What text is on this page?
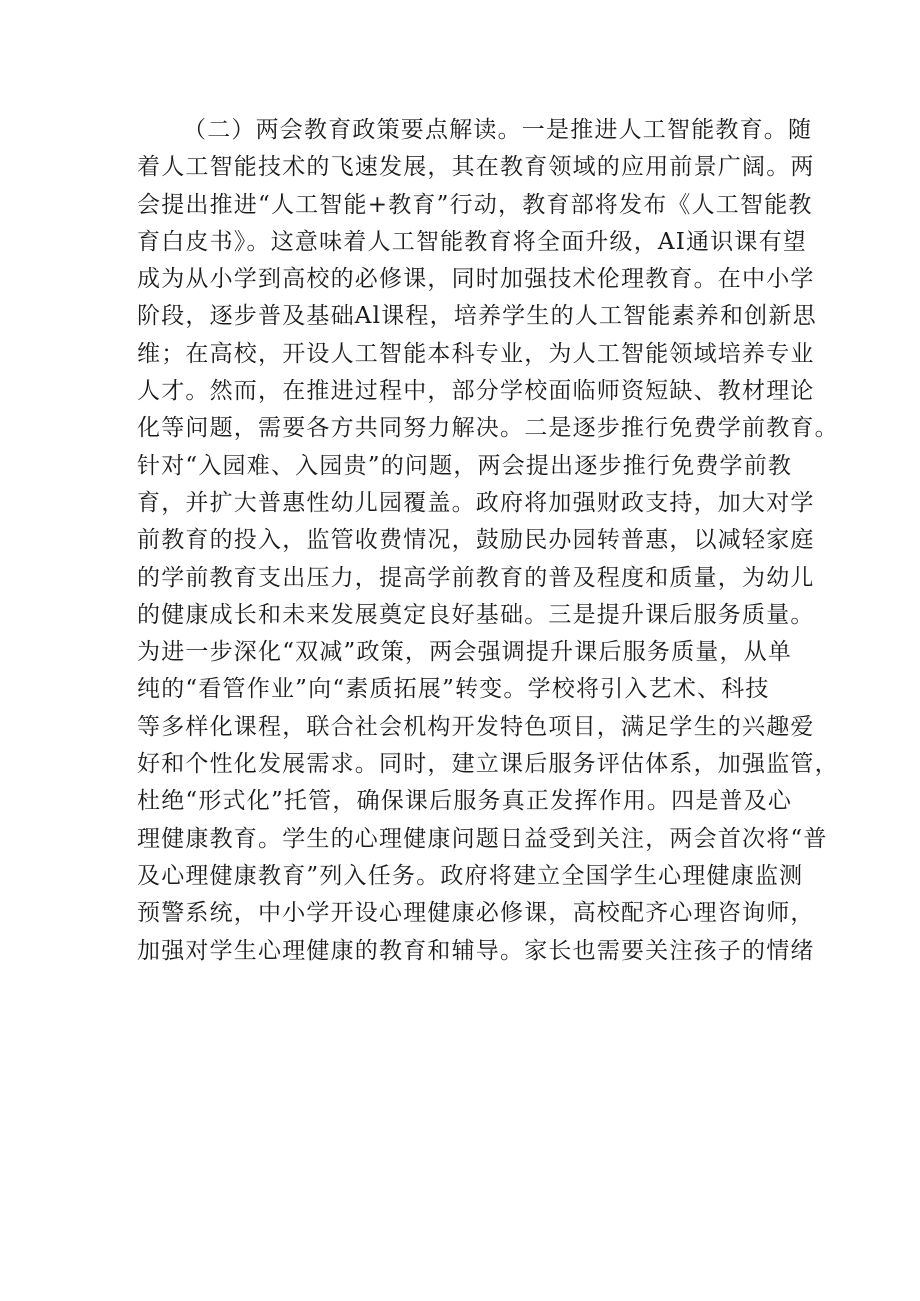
（二）两会教育政策要点解读。一是推进人工智能教育。随
着人工智能技术的飞速发展，其在教育领域的应用前景广阔。两
会提出推进“人工智能+教育”行动，教育部将发布《人工智能教
育白皮书》。这意味着人工智能教育将全面升级，AI通识课有望
成为从小学到高校的必修课，同时加强技术伦理教育。在中小学
阶段，逐步普及基础Al课程，培养学生的人工智能素养和创新思
维；在高校，开设人工智能本科专业，为人工智能领域培养专业
人才。然而，在推进过程中，部分学校面临师资短缺、教材理论
化等问题，需要各方共同努力解决。二是逐步推行免费学前教育。
针对“入园难、入园贵”的问题，两会提出逐步推行免费学前教
育，并扩大普惠性幼儿园覆盖。政府将加强财政支持，加大对学
前教育的投入，监管收费情况，鼓励民办园转普惠，以减轻家庭
的学前教育支出压力，提高学前教育的普及程度和质量，为幼儿
的健康成长和未来发展奠定良好基础。三是提升课后服务质量。
为进一步深化“双减”政策，两会强调提升课后服务质量，从单
纯的“看管作业”向“素质拓展”转变。学校将引入艺术、科技
等多样化课程，联合社会机构开发特色项目，满足学生的兴趣爱
好和个性化发展需求。同时，建立课后服务评估体系，加强监管，
杜绝“形式化”托管，确保课后服务真正发挥作用。四是普及心
理健康教育。学生的心理健康问题日益受到关注，两会首次将“普
及心理健康教育”列入任务。政府将建立全国学生心理健康监测
预警系统，中小学开设心理健康必修课，高校配齐心理咨询师，
加强对学生心理健康的教育和辅导。家长也需要关注孩子的情绪
